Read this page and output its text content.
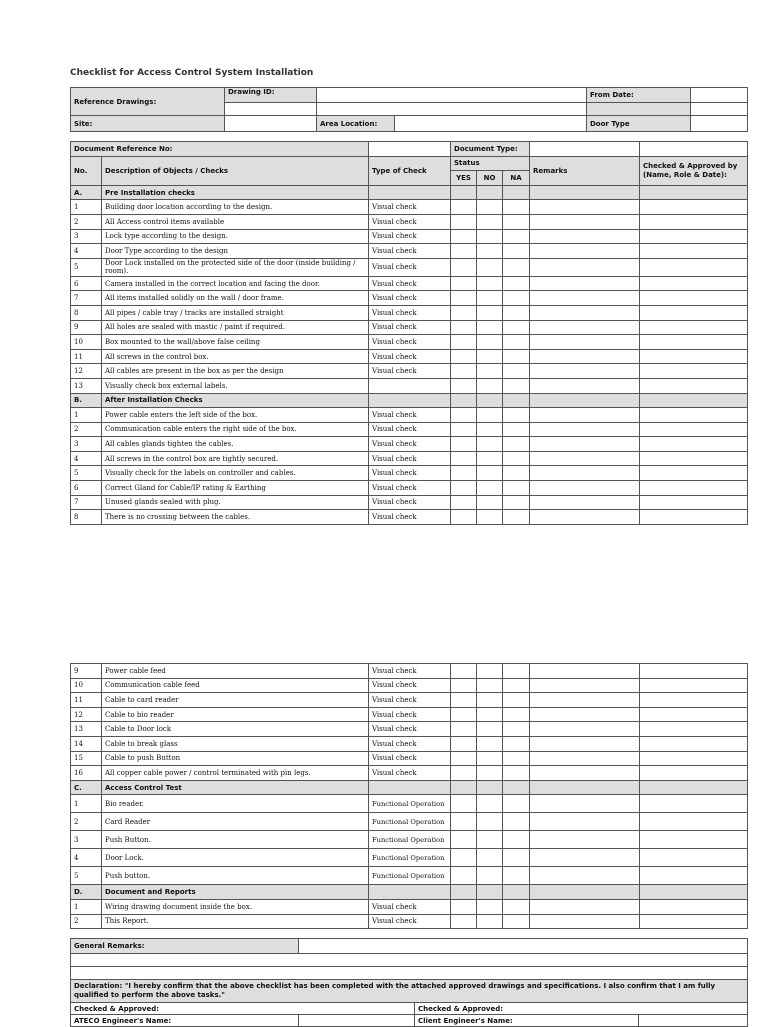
Checklist for Access Control System Installation
Reference Drawings:	Drawing ID:			From Date:	

Site:		Area Location:		Door Type	
Document Reference No:			Document Type:				
No.	Description of Objects / Checks	Type of Check	Status			Remarks	Checked & Approved by
(Name, Role & Date):

			YES	NO	NA		
A.	Pre Installation checks						
1	Building door location according to the design.	Visual check					
2	All Access control items available	Visual check					
3	Lock type according to the design.	Visual check					
4	Door Type according to the design	Visual check					
5	Door Lock installed on the protected side of the door (inside building / room).	Visual check					
6	Camera installed in the correct location and facing the door.	Visual check					
7	All items installed solidly on the wall / door frame.	Visual check					
8	All pipes / cable tray / tracks are installed straight	Visual check					
9	All holes are sealed with mastic / paint if required.	Visual check					
10	Box mounted to the wall/above false ceiling	Visual check					
11	All screws in the control box.	Visual check					
12	All cables are present in the box as per the design	Visual check					
13	Visually check box external labels.						
B.	After Installation Checks						
1	Power cable enters the left side of the box.	Visual check					
2	Communication cable enters the right side of the box.	Visual check					
3	All cables glands tighten the cables.	Visual check					
4	All screws in the control box are tightly secured.	Visual check					
5	Visually check for the labels on controller and cables.	Visual check					
6	Correct Gland for Cable/IP rating & Earthing	Visual check					
7	Unused glands sealed with plug.	Visual check					
8	There is no crossing between the cables.	Visual check					
9	Power cable feed	Visual check					
10	Communication cable feed	Visual check					
11	Cable to card reader	Visual check					
12	Cable to bio reader	Visual check					
13	Cable to Door lock	Visual check					
14	Cable to break glass	Visual check					
15	Cable to push Button	Visual check					
16	All copper cable power / control terminated with pin legs.	Visual check					
C.	Access Control Test						
1	Bio reader.	Functional Operation					
2	Card Reader	Functional Operation					
3	Push Button.	Functional Operation					
4	Door Lock.	Functional Operation					
5	Push button.	Functional Operation					
D.	Document and Reports						
1	Wiring drawing document inside the box.	Visual check					
2	This Report.	Visual check					
General Remarks:			

Declaration: "I hereby confirm that the above checklist has been completed with the attached approved drawings and specifications. I also confirm that I am fully qualified to perform the above tasks."			
Checked & Approved:		Checked & Approved:	
ATECO Engineer's Name:		Client Engineer's Name:	
